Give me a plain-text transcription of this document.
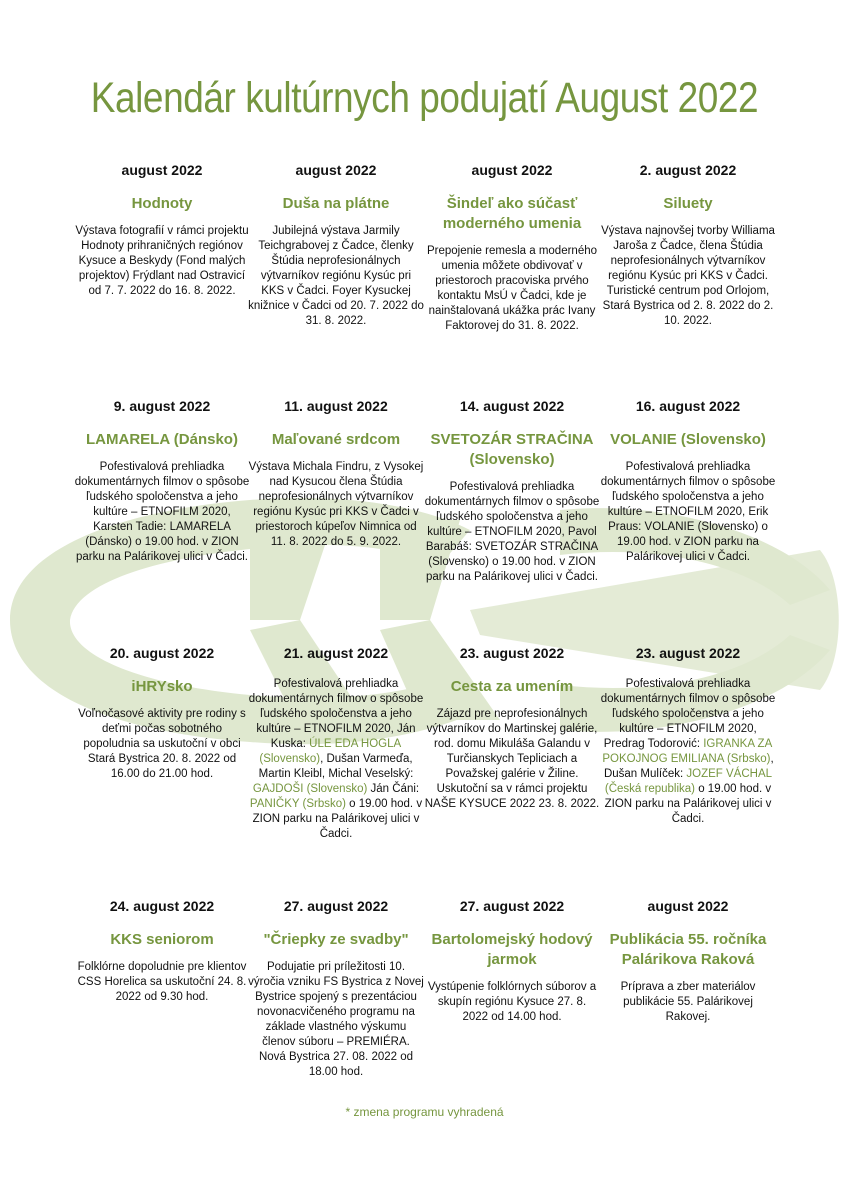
Kalendár kultúrnych podujatí August 2022
august 2022
Hodnoty
Výstava fotografií v rámci projektu Hodnoty prihraničných regiónov Kysuce a Beskydy (Fond malých projektov) Frýdlant nad Ostravicí od 7. 7. 2022 do 16. 8. 2022.
august 2022
Duša na plátne
Jubilejná výstava Jarmily Teichgrabovej z Čadce, členky Štúdia neprofesionálnych výtvarníkov regiónu Kysúc pri KKS v Čadci. Foyer Kysuckej knižnice v Čadci od 20. 7. 2022 do 31. 8. 2022.
august 2022
Šindeľ ako súčasť moderného umenia
Prepojenie remesla a moderného umenia môžete obdivovať v priestoroch pracoviska prvého kontaktu MsÚ v Čadci, kde je nainštalovaná ukážka prác Ivany Faktorovej do 31. 8. 2022.
2. august 2022
Siluety
Výstava najnovšej tvorby Williama Jaroša z Čadce, člena Štúdia neprofesionálnych výtvarníkov regiónu Kysúc pri KKS v Čadci. Turistické centrum pod Orlojom, Stará Bystrica od 2. 8. 2022 do 2. 10. 2022.
9. august 2022
LAMARELA (Dánsko)
Pofestivalová prehliadka dokumentárnych filmov o spôsobe ľudského spoločenstva a jeho kultúre – ETNOFILM 2020, Karsten Tadie: LAMARELA (Dánsko) o 19.00 hod. v ZION parku na Palárikovej ulici v Čadci.
11. august 2022
Maľované srdcom
Výstava Michala Findru, z Vysokej nad Kysucou člena Štúdia neprofesionálnych výtvarníkov regiónu Kysúc pri KKS v Čadci v priestoroch kúpeľov Nimnica od 11. 8. 2022 do 5. 9. 2022.
14. august 2022
SVETOZÁR STRAČINA (Slovensko)
Pofestivalová prehliadka dokumentárnych filmov o spôsobe ľudského spoločenstva a jeho kultúre – ETNOFILM 2020, Pavol Barabáš: SVETOZÁR STRAČINA (Slovensko) o 19.00 hod. v ZION parku na Palárikovej ulici v Čadci.
16. august 2022
VOLANIE (Slovensko)
Pofestivalová prehliadka dokumentárnych filmov o spôsobe ľudského spoločenstva a jeho kultúre – ETNOFILM 2020, Erik Praus: VOLANIE (Slovensko) o 19.00 hod. v ZION parku na Palárikovej ulici v Čadci.
20. august 2022
iHRYsko
Voľnočasové aktivity pre rodiny s deťmi počas sobotného popoludnia sa uskutoční v obci Stará Bystrica 20. 8. 2022 od 16.00 do 21.00 hod.
21. august 2022
Pofestivalová prehliadka dokumentárnych filmov o spôsobe ľudského spoločenstva a jeho kultúre – ETNOFILM 2020, Ján Kuska: ÚLE EDA HOGLA (Slovensko), Dušan Varmeďa, Martin Kleibl, Michal Veselský: GAJDOŠI (Slovensko) Ján Čáni: PANIČKY (Srbsko) o 19.00 hod. v ZION parku na Palárikovej ulici v Čadci.
23. august 2022
Cesta za umením
Zájazd pre neprofesionálnych výtvarníkov do Martinskej galérie, rod. domu Mikuláša Galandu v Turčianskych Tepliciach a Považskej galérie v Žiline. Uskutoční sa v rámci projektu NAŠE KYSUCE 2022 23. 8. 2022.
23. august 2022
Pofestivalová prehliadka dokumentárnych filmov o spôsobe ľudského spoločenstva a jeho kultúre – ETNOFILM 2020, Predrag Todorović: IGRANKA ZA POKOJNOG EMILIANA (Srbsko), Dušan Mulíček: JOZEF VÁCHAL (Česká republika) o 19.00 hod. v ZION parku na Palárikovej ulici v Čadci.
24. august 2022
KKS seniorom
Folklórne dopoludnie pre klientov CSS Horelica sa uskutoční 24. 8. 2022 od 9.30 hod.
27. august 2022
"Čriepky ze svadby"
Podujatie pri príležitosti 10. výročia vzniku FS Bystrica z Novej Bystrice spojený s prezentáciou novonacvičeného programu na základe vlastného výskumu členov súboru – PREMIÉRA. Nová Bystrica 27. 08. 2022 od 18.00 hod.
27. august 2022
Bartolomejský hodový jarmok
Vystúpenie folklórnych súborov a skupín regiónu Kysuce 27. 8. 2022 od 14.00 hod.
august 2022
Publikácia 55. ročníka Palárikova Raková
Príprava a zber materiálov publikácie 55. Palárikovej Rakovej.
* zmena programu vyhradená
